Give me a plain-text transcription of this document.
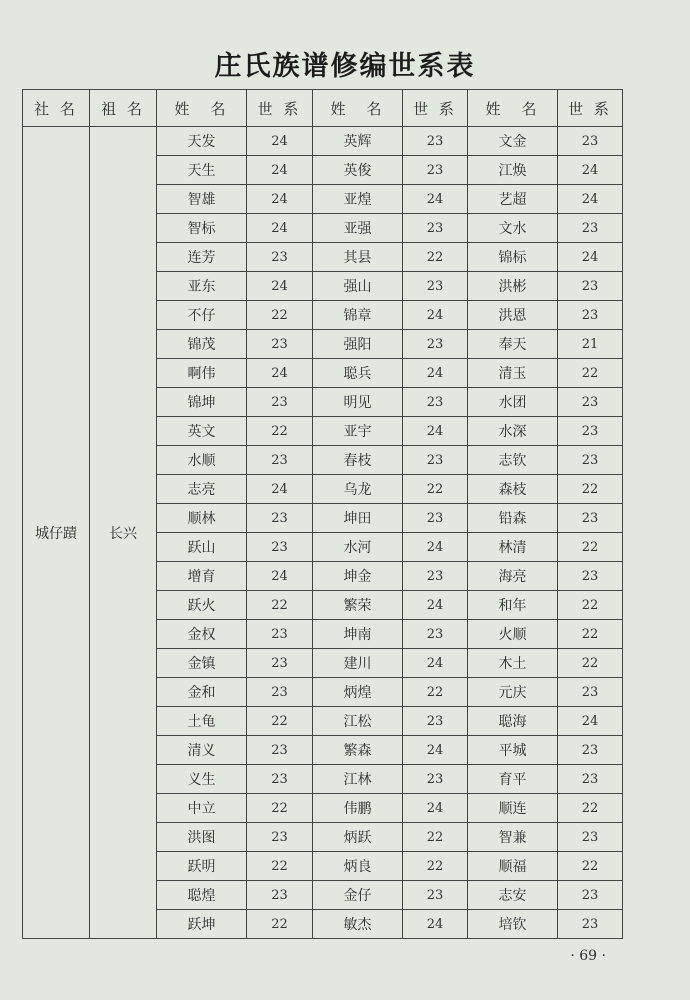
庄氏族谱修编世系表
社 名	祖 名	姓　名	世 系	姓　名	世 系	姓　名	世 系
城仔蹟	长兴	天发	24	英辉	23	文金	23
		天生	24	英俊	23	江焕	24
		智雄	24	亚煌	24	艺超	24
		智标	24	亚强	23	文水	23
		连芳	23	其县	22	锦标	24
		亚东	24	强山	23	洪彬	23
		不仔	22	锦章	24	洪恩	23
		锦茂	23	强阳	23	奉天	21
		啊伟	24	聪兵	24	清玉	22
		锦坤	23	明见	23	水团	23
		英文	22	亚宇	24	水深	23
		水顺	23	春枝	23	志钦	23
		志亮	24	乌龙	22	森枝	22
		顺林	23	坤田	23	铅森	23
		跃山	23	水河	24	林清	22
		增育	24	坤金	23	海亮	23
		跃火	22	繁荣	24	和年	22
		金权	23	坤南	23	火顺	22
		金镇	23	建川	24	木土	22
		金和	23	炳煌	22	元庆	23
		土龟	22	江松	23	聪海	24
		清义	23	繁森	24	平城	23
		义生	23	江林	23	育平	23
		中立	22	伟鹏	24	顺连	22
		洪图	23	炳跃	22	智兼	23
		跃明	22	炳良	22	顺福	22
		聪煌	23	金仔	23	志安	23
		跃坤	22	敏杰	24	培钦	23
· 69 ·
